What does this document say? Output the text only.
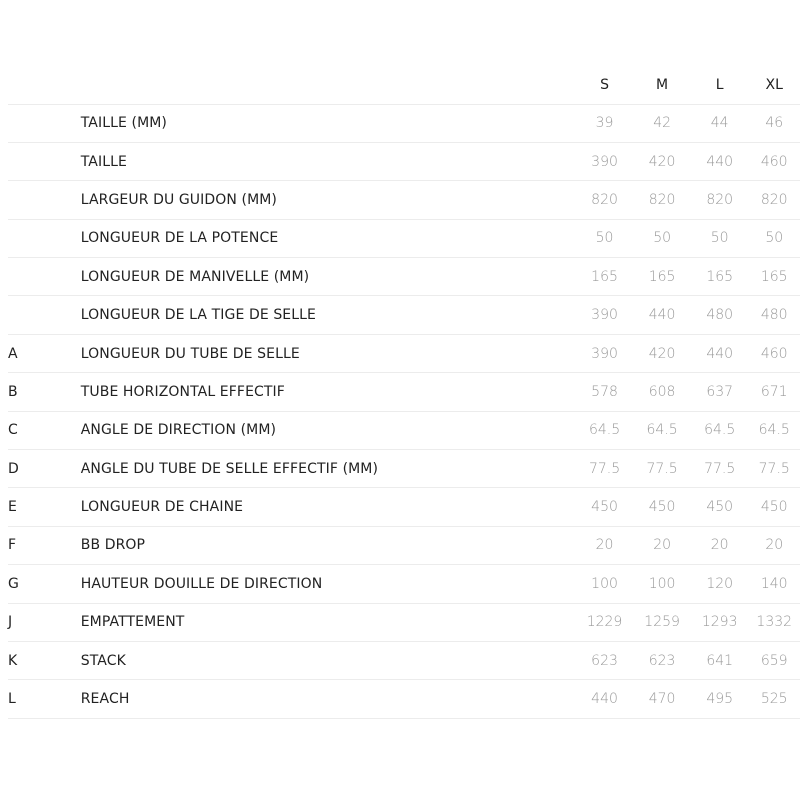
		S	M	L	XL
	TAILLE (MM)	39	42	44	46
	TAILLE	390	420	440	460
	LARGEUR DU GUIDON (MM)	820	820	820	820
	LONGUEUR DE LA POTENCE	50	50	50	50
	LONGUEUR DE MANIVELLE (MM)	165	165	165	165
	LONGUEUR DE LA TIGE DE SELLE	390	440	480	480
A	LONGUEUR DU TUBE DE SELLE	390	420	440	460
B	TUBE HORIZONTAL EFFECTIF	578	608	637	671
C	ANGLE DE DIRECTION (MM)	64.5	64.5	64.5	64.5
D	ANGLE DU TUBE DE SELLE EFFECTIF (MM)	77.5	77.5	77.5	77.5
E	LONGUEUR DE CHAINE	450	450	450	450
F	BB DROP	20	20	20	20
G	HAUTEUR DOUILLE DE DIRECTION	100	100	120	140
J	EMPATTEMENT	1229	1259	1293	1332
K	STACK	623	623	641	659
L	REACH	440	470	495	525
